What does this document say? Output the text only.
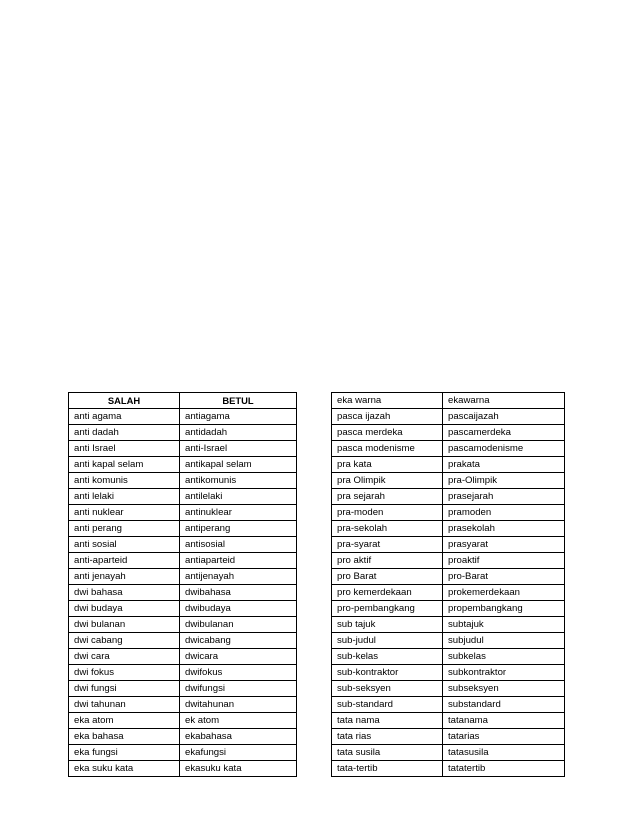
SALAH	BETUL
anti agama	antiagama
anti dadah	antidadah
anti Israel	anti-Israel
anti kapal selam	antikapal selam
anti komunis	antikomunis
anti lelaki	antilelaki
anti nuklear	antinuklear
anti perang	antiperang
anti sosial	antisosial
anti-aparteid	antiaparteid
anti jenayah	antijenayah
dwi bahasa	dwibahasa
dwi budaya	dwibudaya
dwi bulanan	dwibulanan
dwi cabang	dwicabang
dwi cara	dwicara
dwi fokus	dwifokus
dwi fungsi	dwifungsi
dwi tahunan	dwitahunan
eka atom	ek atom
eka bahasa	ekabahasa
eka fungsi	ekafungsi
eka suku kata	ekasuku kata
eka warna	ekawarna
pasca ijazah	pascaijazah
pasca merdeka	pascamerdeka
pasca modenisme	pascamodenisme
pra kata	prakata
pra Olimpik	pra-Olimpik
pra sejarah	prasejarah
pra-moden	pramoden
pra-sekolah	prasekolah
pra-syarat	prasyarat
pro aktif	proaktif
pro Barat	pro-Barat
pro kemerdekaan	prokemerdekaan
pro-pembangkang	propembangkang
sub tajuk	subtajuk
sub-judul	subjudul
sub-kelas	subkelas
sub-kontraktor	subkontraktor
sub-seksyen	subseksyen
sub-standard	substandard
tata nama	tatanama
tata rias	tatarias
tata susila	tatasusila
tata-tertib	tatatertib
